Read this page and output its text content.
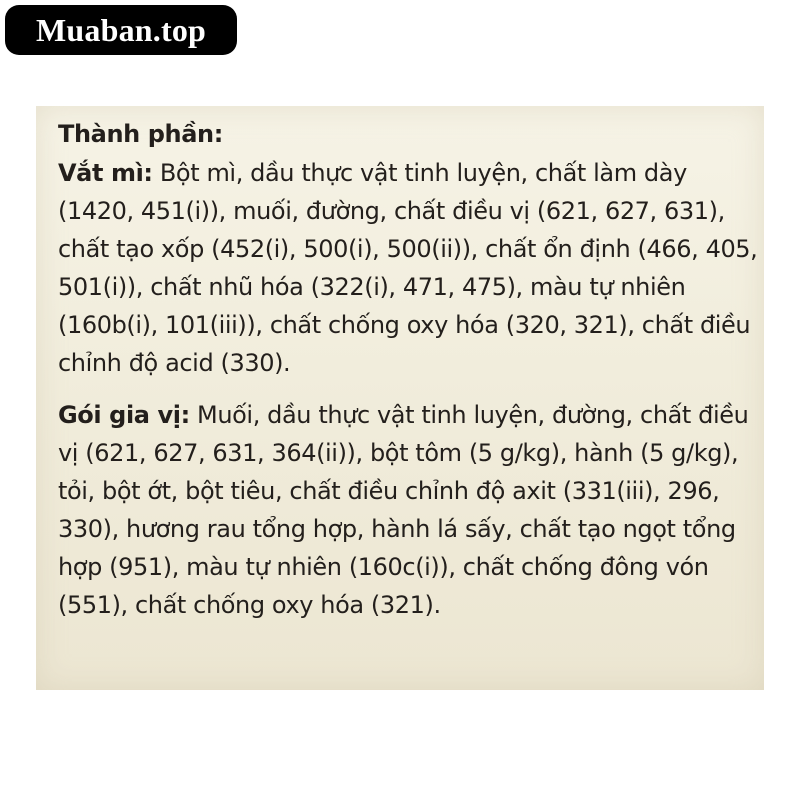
Muaban.top

Thành phần:

Vắt mì: Bột mì, dầu thực vật tinh luyện, chất làm dày (1420, 451(i)), muối, đường, chất điều vị (621, 627, 631), chất tạo xốp (452(i), 500(i), 500(ii)), chất ổn định (466, 405, 501(i)), chất nhũ hóa (322(i), 471, 475), màu tự nhiên (160b(i), 101(iii)), chất chống oxy hóa (320, 321), chất điều chỉnh độ acid (330).

Gói gia vị: Muối, dầu thực vật tinh luyện, đường, chất điều vị (621, 627, 631, 364(ii)), bột tôm (5 g/kg), hành (5 g/kg), tỏi, bột ớt, bột tiêu, chất điều chỉnh độ axit (331(iii), 296, 330), hương rau tổng hợp, hành lá sấy, chất tạo ngọt tổng hợp (951), màu tự nhiên (160c(i)), chất chống đông vón (551), chất chống oxy hóa (321).
